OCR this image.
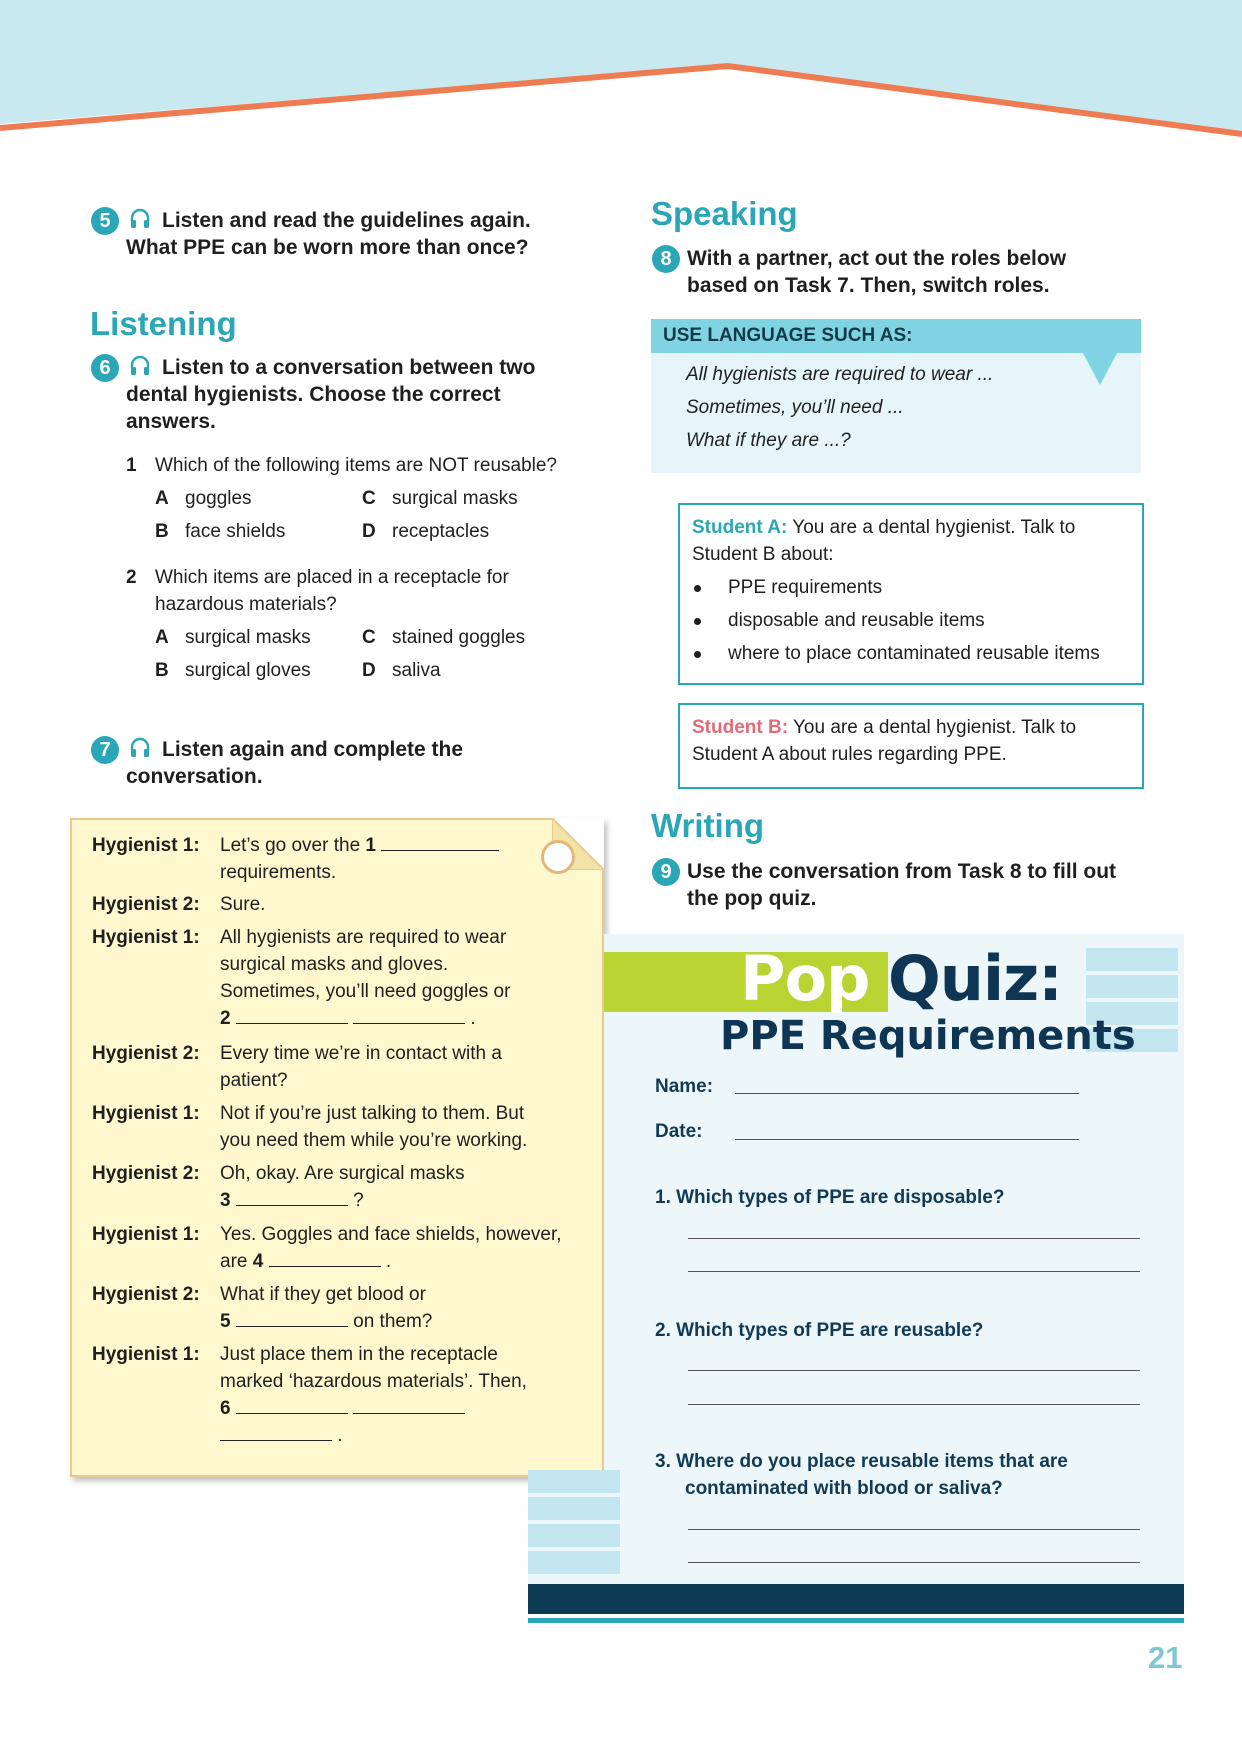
5	Listen and read the guidelines again.
What PPE can be worn more than once?
Listening
6	Listen to a conversation between two
dental hygienists. Choose the correct
answers.
1 Which of the following items are NOT reusable?
A goggles	C surgical masks
B face shields	D receptacles
2 Which items are placed in a receptacle for
hazardous materials?
A surgical masks	C stained goggles
B surgical gloves	D saliva
7	Listen again and complete the
conversation.
Hygienist 1: Let’s go over the 1
requirements.
Hygienist 2: Sure.
Hygienist 1: All hygienists are required to wear
surgical masks and gloves.
Sometimes, you’ll need goggles or
2	.
Hygienist 2: Every time we’re in contact with a
patient?
Hygienist 1: Not if you’re just talking to them. But
you need them while you’re working.
Hygienist 2: Oh, okay. Are surgical masks
3	?
Hygienist 1: Yes. Goggles and face shields, however,
are 4	.
Hygienist 2: What if they get blood or
5	on them?
Hygienist 1: Just place them in the receptacle
marked ‘hazardous materials’. Then,
6
.
Speaking
8 With a partner, act out the roles below
based on Task 7. Then, switch roles.
USE LANGUAGE SUCH AS:
All hygienists are required to wear ...
Sometimes, you’ll need ...
What if they are ...?
Student A: You are a dental hygienist. Talk to
Student B about:
PPE requirements
disposable and reusable items
where to place contaminated reusable items
Student B: You are a dental hygienist. Talk to
Student A about rules regarding PPE.
Writing
9 Use the conversation from Task 8 to fill out
the pop quiz.
Pop Quiz:
PPE Requirements
Name:
Date:
1. Which types of PPE are disposable?
2. Which types of PPE are reusable?
3. Where do you place reusable items that are
contaminated with blood or saliva?
21
